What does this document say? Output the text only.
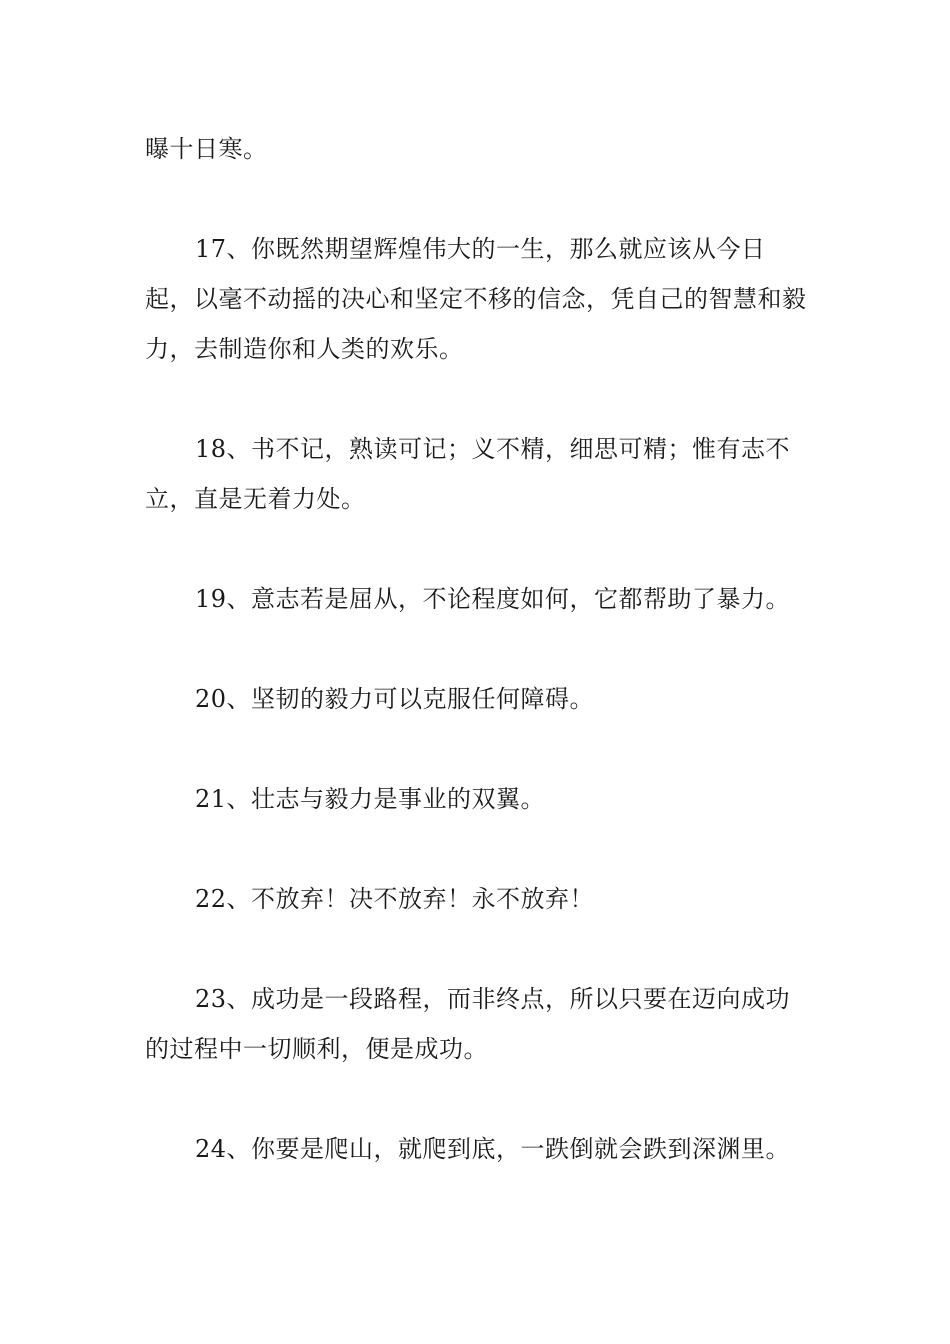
曝十日寒。

17、你既然期望辉煌伟大的一生，那么就应该从今日起，以毫不动摇的决心和坚定不移的信念，凭自己的智慧和毅力，去制造你和人类的欢乐。

18、书不记，熟读可记；义不精，细思可精；惟有志不立，直是无着力处。

19、意志若是屈从，不论程度如何，它都帮助了暴力。

20、坚韧的毅力可以克服任何障碍。

21、壮志与毅力是事业的双翼。

22、不放弃！决不放弃！永不放弃！

23、成功是一段路程，而非终点，所以只要在迈向成功的过程中一切顺利，便是成功。

24、你要是爬山，就爬到底，一跌倒就会跌到深渊里。
